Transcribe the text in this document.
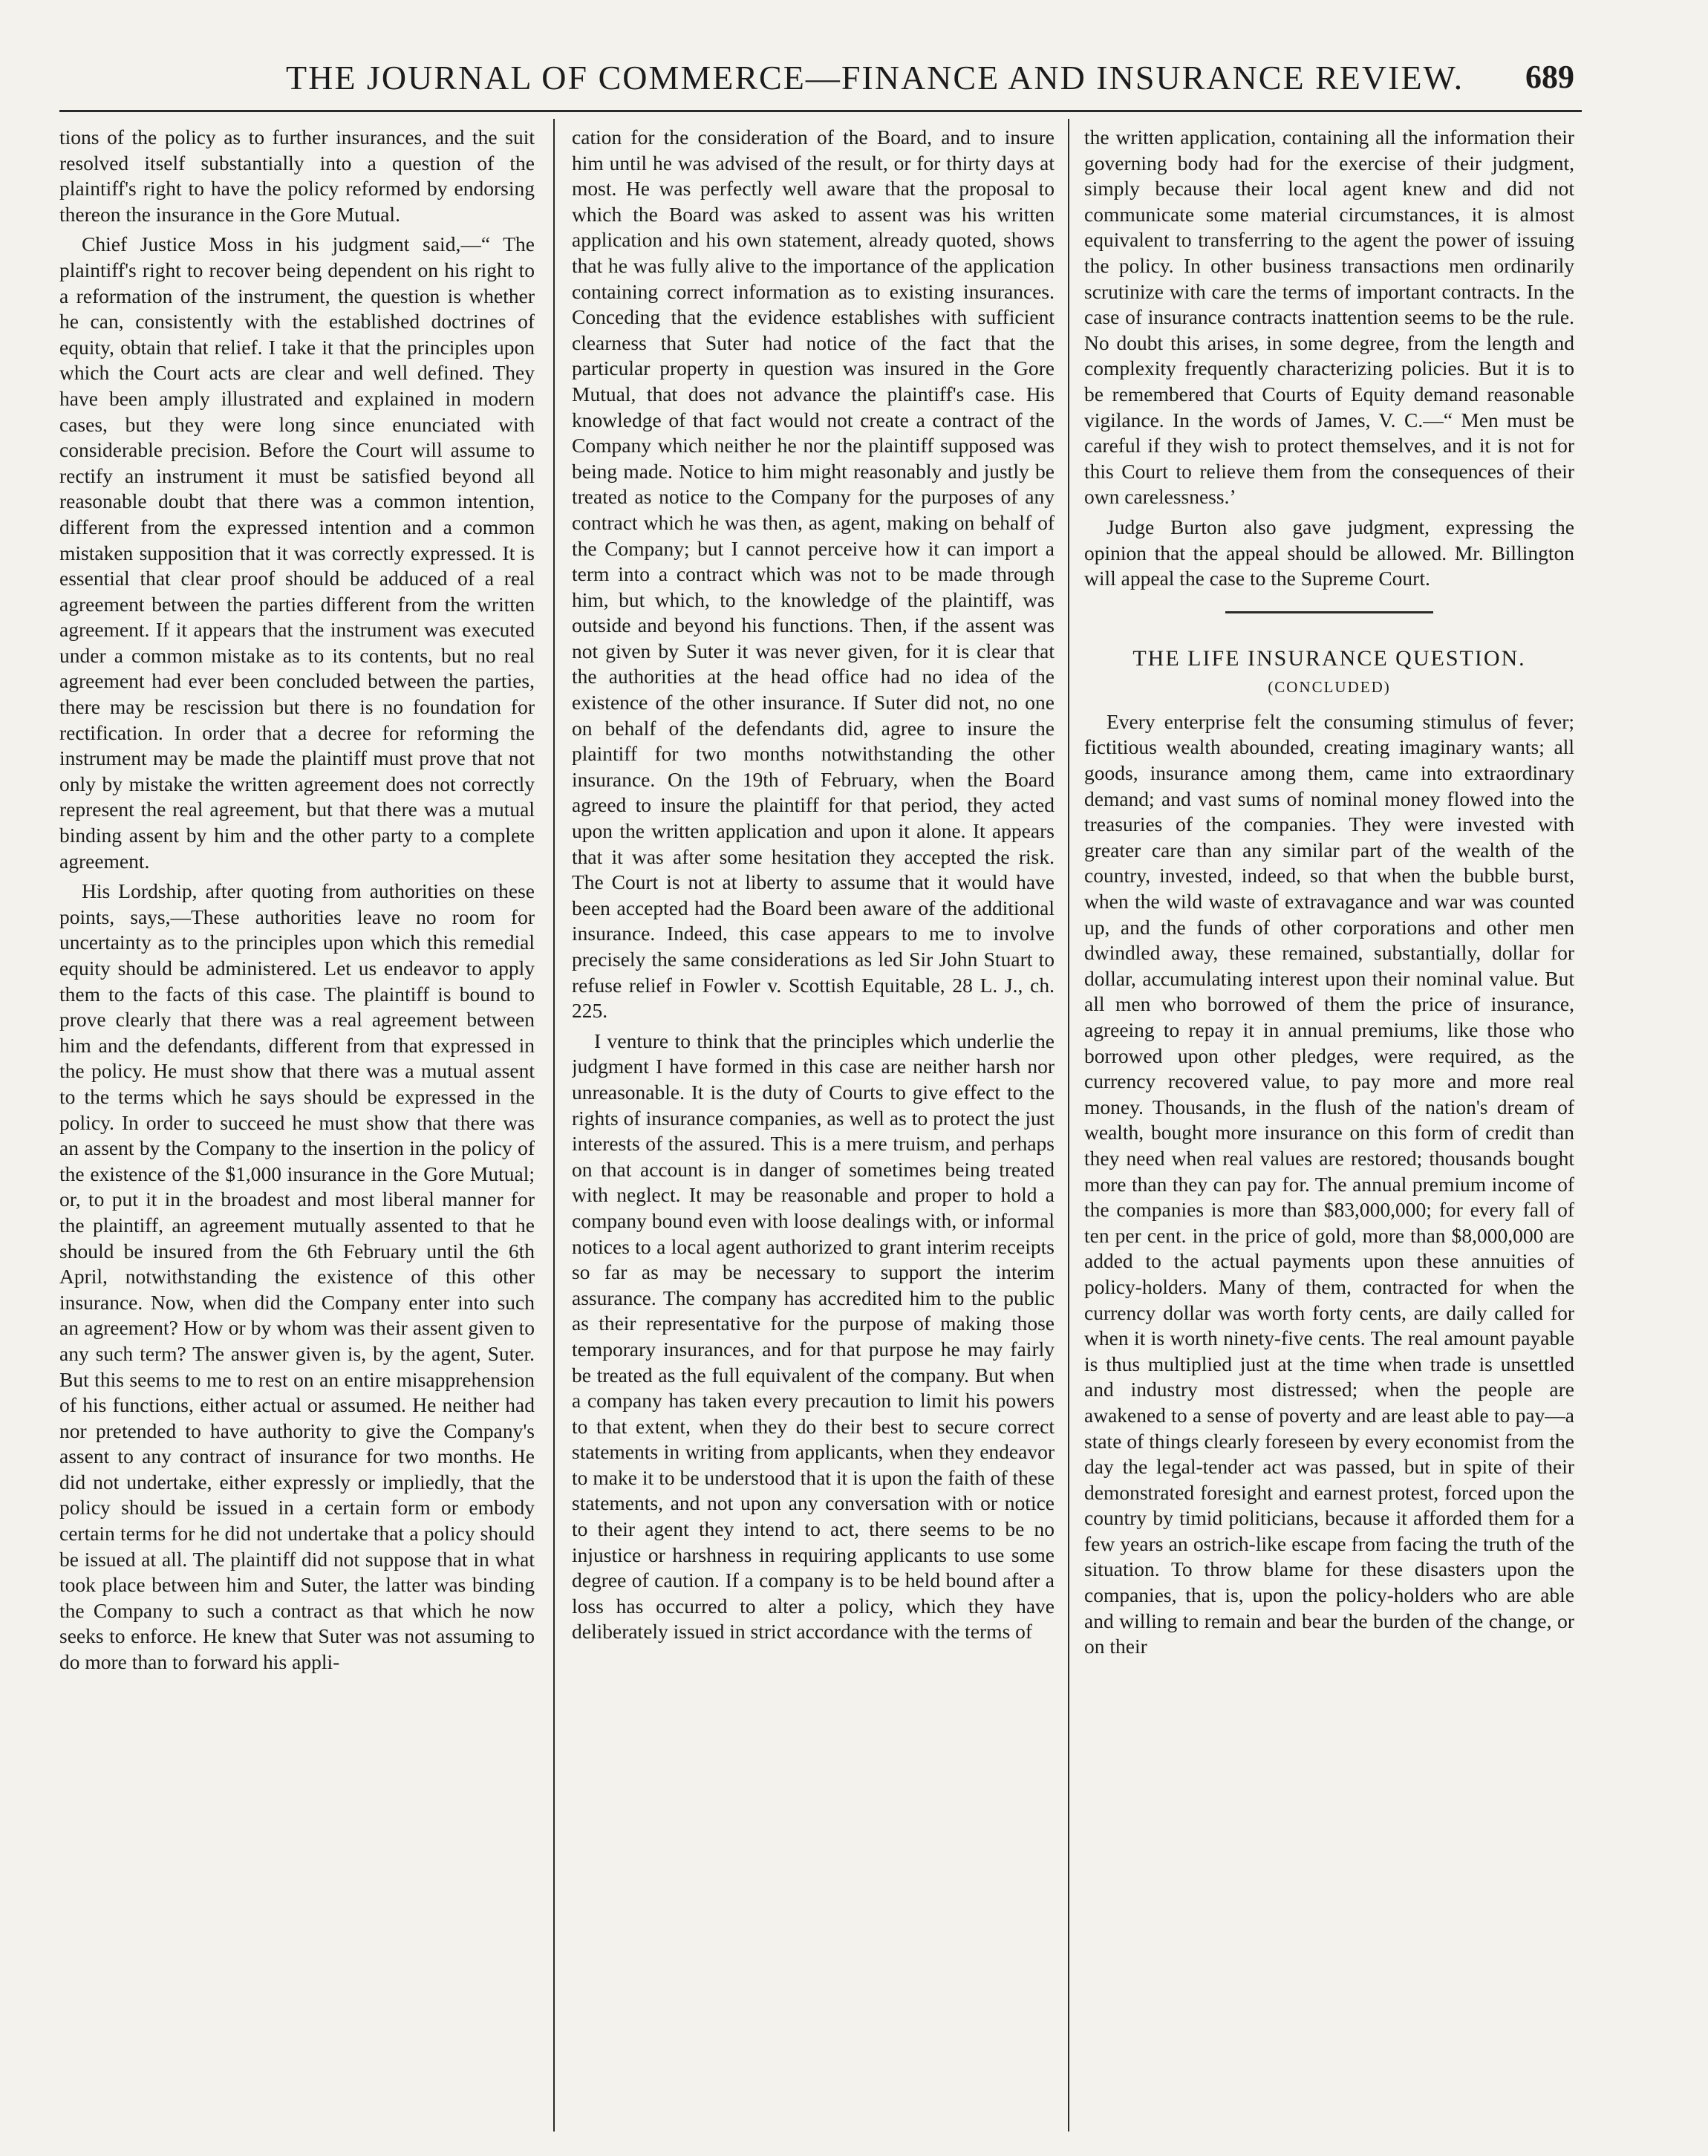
THE JOURNAL OF COMMERCE—FINANCE AND INSURANCE REVIEW.	689

tions of the policy as to further insurances, and the suit resolved itself substantially into a question of the plaintiff's right to have the policy reformed by endorsing thereon the insurance in the Gore Mutual.

Chief Justice Moss in his judgment said,—“ The plaintiff's right to recover being dependent on his right to a reformation of the instrument, the question is whether he can, consistently with the established doctrines of equity, obtain that relief. I take it that the principles upon which the Court acts are clear and well defined. They have been amply illustrated and explained in modern cases, but they were long since enunciated with considerable precision. Before the Court will assume to rectify an instrument it must be satisfied beyond all reasonable doubt that there was a common intention, different from the expressed intention and a common mistaken supposition that it was correctly expressed. It is essential that clear proof should be adduced of a real agreement between the parties different from the written agreement. If it appears that the instrument was executed under a common mistake as to its contents, but no real agreement had ever been concluded between the parties, there may be rescission but there is no foundation for rectification. In order that a decree for reforming the instrument may be made the plaintiff must prove that not only by mistake the written agreement does not correctly represent the real agreement, but that there was a mutual binding assent by him and the other party to a complete agreement.

His Lordship, after quoting from authorities on these points, says,—These authorities leave no room for uncertainty as to the principles upon which this remedial equity should be administered. Let us endeavor to apply them to the facts of this case. The plaintiff is bound to prove clearly that there was a real agreement between him and the defendants, different from that expressed in the policy. He must show that there was a mutual assent to the terms which he says should be expressed in the policy. In order to succeed he must show that there was an assent by the Company to the insertion in the policy of the existence of the $1,000 insurance in the Gore Mutual; or, to put it in the broadest and most liberal manner for the plaintiff, an agreement mutually assented to that he should be insured from the 6th February until the 6th April, notwithstanding the existence of this other insurance. Now, when did the Company enter into such an agreement? How or by whom was their assent given to any such term? The answer given is, by the agent, Suter. But this seems to me to rest on an entire misapprehension of his functions, either actual or assumed. He neither had nor pretended to have authority to give the Company's assent to any contract of insurance for two months. He did not undertake, either expressly or impliedly, that the policy should be issued in a certain form or embody certain terms for he did not undertake that a policy should be issued at all. The plaintiff did not suppose that in what took place between him and Suter, the latter was binding the Company to such a contract as that which he now seeks to enforce. He knew that Suter was not assuming to do more than to forward his appli-

cation for the consideration of the Board, and to insure him until he was advised of the result, or for thirty days at most. He was perfectly well aware that the proposal to which the Board was asked to assent was his written application and his own statement, already quoted, shows that he was fully alive to the importance of the application containing correct information as to existing insurances. Conceding that the evidence establishes with sufficient clearness that Suter had notice of the fact that the particular property in question was insured in the Gore Mutual, that does not advance the plaintiff's case. His knowledge of that fact would not create a contract of the Company which neither he nor the plaintiff supposed was being made. Notice to him might reasonably and justly be treated as notice to the Company for the purposes of any contract which he was then, as agent, making on behalf of the Company; but I cannot perceive how it can import a term into a contract which was not to be made through him, but which, to the knowledge of the plaintiff, was outside and beyond his functions. Then, if the assent was not given by Suter it was never given, for it is clear that the authorities at the head office had no idea of the existence of the other insurance. If Suter did not, no one on behalf of the defendants did, agree to insure the plaintiff for two months notwithstanding the other insurance. On the 19th of February, when the Board agreed to insure the plaintiff for that period, they acted upon the written application and upon it alone. It appears that it was after some hesitation they accepted the risk. The Court is not at liberty to assume that it would have been accepted had the Board been aware of the additional insurance. Indeed, this case appears to me to involve precisely the same considerations as led Sir John Stuart to refuse relief in Fowler v. Scottish Equitable, 28 L. J., ch. 225.

I venture to think that the principles which underlie the judgment I have formed in this case are neither harsh nor unreasonable. It is the duty of Courts to give effect to the rights of insurance companies, as well as to protect the just interests of the assured. This is a mere truism, and perhaps on that account is in danger of sometimes being treated with neglect. It may be reasonable and proper to hold a company bound even with loose dealings with, or informal notices to a local agent authorized to grant interim receipts so far as may be necessary to support the interim assurance. The company has accredited him to the public as their representative for the purpose of making those temporary insurances, and for that purpose he may fairly be treated as the full equivalent of the company. But when a company has taken every precaution to limit his powers to that extent, when they do their best to secure correct statements in writing from applicants, when they endeavor to make it to be understood that it is upon the faith of these statements, and not upon any conversation with or notice to their agent they intend to act, there seems to be no injustice or harshness in requiring applicants to use some degree of caution. If a company is to be held bound after a loss has occurred to alter a policy, which they have deliberately issued in strict accordance with the terms of

the written application, containing all the information their governing body had for the exercise of their judgment, simply because their local agent knew and did not communicate some material circumstances, it is almost equivalent to transferring to the agent the power of issuing the policy. In other business transactions men ordinarily scrutinize with care the terms of important contracts. In the case of insurance contracts inattention seems to be the rule. No doubt this arises, in some degree, from the length and complexity frequently characterizing policies. But it is to be remembered that Courts of Equity demand reasonable vigilance. In the words of James, V. C.—“ Men must be careful if they wish to protect themselves, and it is not for this Court to relieve them from the consequences of their own carelessness.’

Judge Burton also gave judgment, expressing the opinion that the appeal should be allowed. Mr. Billington will appeal the case to the Supreme Court.

THE LIFE INSURANCE QUESTION.

(CONCLUDED)

Every enterprise felt the consuming stimulus of fever; fictitious wealth abounded, creating imaginary wants; all goods, insurance among them, came into extraordinary demand; and vast sums of nominal money flowed into the treasuries of the companies. They were invested with greater care than any similar part of the wealth of the country, invested, indeed, so that when the bubble burst, when the wild waste of extravagance and war was counted up, and the funds of other corporations and other men dwindled away, these remained, substantially, dollar for dollar, accumulating interest upon their nominal value. But all men who borrowed of them the price of insurance, agreeing to repay it in annual premiums, like those who borrowed upon other pledges, were required, as the currency recovered value, to pay more and more real money. Thousands, in the flush of the nation's dream of wealth, bought more insurance on this form of credit than they need when real values are restored; thousands bought more than they can pay for. The annual premium income of the companies is more than $83,000,000; for every fall of ten per cent. in the price of gold, more than $8,000,000 are added to the actual payments upon these annuities of policy-holders. Many of them, contracted for when the currency dollar was worth forty cents, are daily called for when it is worth ninety-five cents. The real amount payable is thus multiplied just at the time when trade is unsettled and industry most distressed; when the people are awakened to a sense of poverty and are least able to pay—a state of things clearly foreseen by every economist from the day the legal-tender act was passed, but in spite of their demonstrated foresight and earnest protest, forced upon the country by timid politicians, because it afforded them for a few years an ostrich-like escape from facing the truth of the situation. To throw blame for these disasters upon the companies, that is, upon the policy-holders who are able and willing to remain and bear the burden of the change, or on their
